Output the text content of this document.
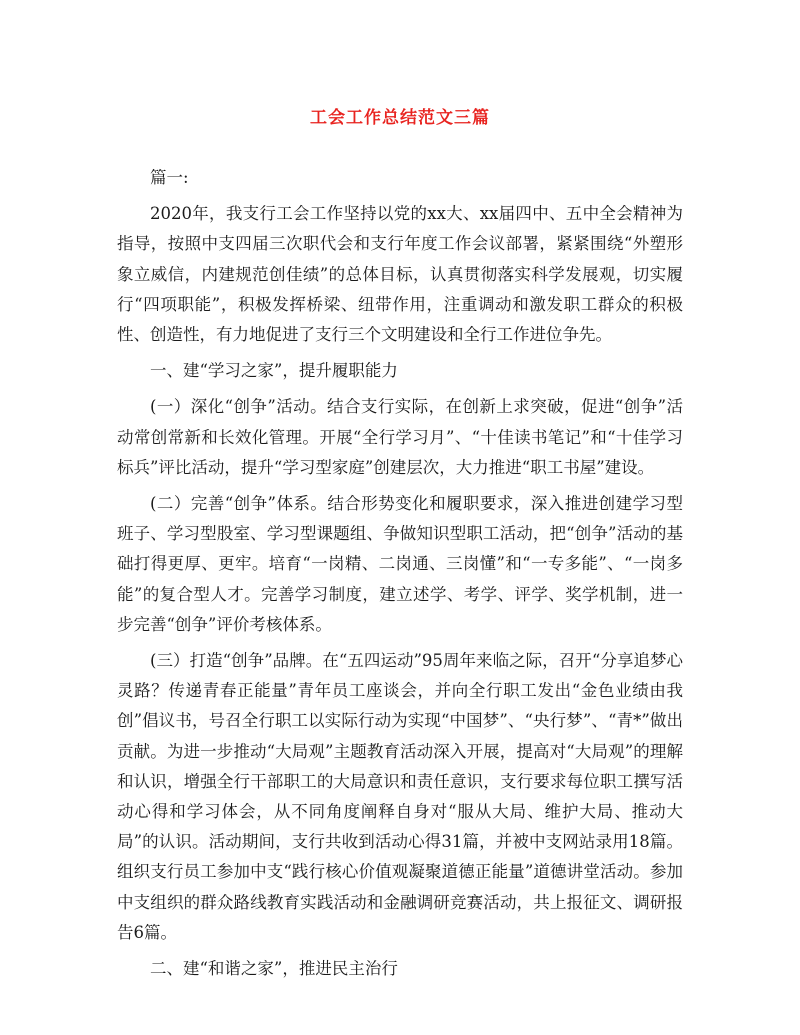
工会工作总结范文三篇

篇一:

2020年，我支行工会工作坚持以党的xx大、xx届四中、五中全会精神为指导，按照中支四届三次职代会和支行年度工作会议部署，紧紧围绕“外塑形象立威信，内建规范创佳绩”的总体目标，认真贯彻落实科学发展观，切实履行“四项职能”，积极发挥桥梁、纽带作用，注重调动和激发职工群众的积极性、创造性，有力地促进了支行三个文明建设和全行工作进位争先。

一、建“学习之家”，提升履职能力

(一）深化“创争”活动。结合支行实际，在创新上求突破，促进“创争”活动常创常新和长效化管理。开展“全行学习月”、“十佳读书笔记”和“十佳学习标兵”评比活动，提升“学习型家庭”创建层次，大力推进“职工书屋”建设。

(二）完善“创争”体系。结合形势变化和履职要求，深入推进创建学习型班子、学习型股室、学习型课题组、争做知识型职工活动，把“创争”活动的基础打得更厚、更牢。培育“一岗精、二岗通、三岗懂”和“一专多能”、“一岗多能”的复合型人才。完善学习制度，建立述学、考学、评学、奖学机制，进一步完善“创争”评价考核体系。

(三）打造“创争”品牌。在“五四运动”95周年来临之际，召开“分享追梦心灵路？传递青春正能量”青年员工座谈会，并向全行职工发出“金色业绩由我创”倡议书，号召全行职工以实际行动为实现“中国梦”、“央行梦”、“青*”做出贡献。为进一步推动“大局观”主题教育活动深入开展，提高对“大局观”的理解和认识，增强全行干部职工的大局意识和责任意识，支行要求每位职工撰写活动心得和学习体会，从不同角度阐释自身对“服从大局、维护大局、推动大局”的认识。活动期间，支行共收到活动心得31篇，并被中支网站录用18篇。组织支行员工参加中支“践行核心价值观凝聚道德正能量”道德讲堂活动。参加中支组织的群众路线教育实践活动和金融调研竞赛活动，共上报征文、调研报告6篇。

二、建“和谐之家”，推进民主治行
